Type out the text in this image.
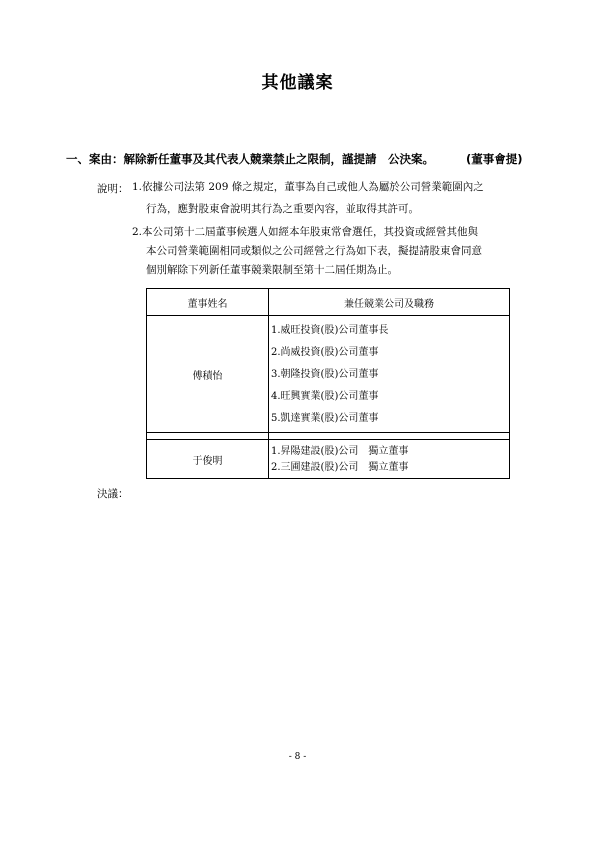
其他議案
一、案由：解除新任董事及其代表人競業禁止之限制，謹提請　公決案。	(董事會提)
說明： 1.依據公司法第 209 條之規定，董事為自己或他人為屬於公司營業範圍內之
行為，應對股東會說明其行為之重要內容，並取得其許可。
2.本公司第十二屆董事候選人如經本年股東常會選任，其投資或經營其他與
本公司營業範圍相同或類似之公司經營之行為如下表，擬提請股東會同意
個別解除下列新任董事競業限制至第十二屆任期為止。
董事姓名	兼任競業公司及職務
傅積怡	1.威旺投資(股)公司董事長
2.尚威投資(股)公司董事
3.朝隆投資(股)公司董事
4.旺興實業(股)公司董事
5.凱達實業(股)公司董事

于俊明	1.昇陽建設(股)公司　獨立董事
2.三圃建設(股)公司　獨立董事
決議：
- 8 -
